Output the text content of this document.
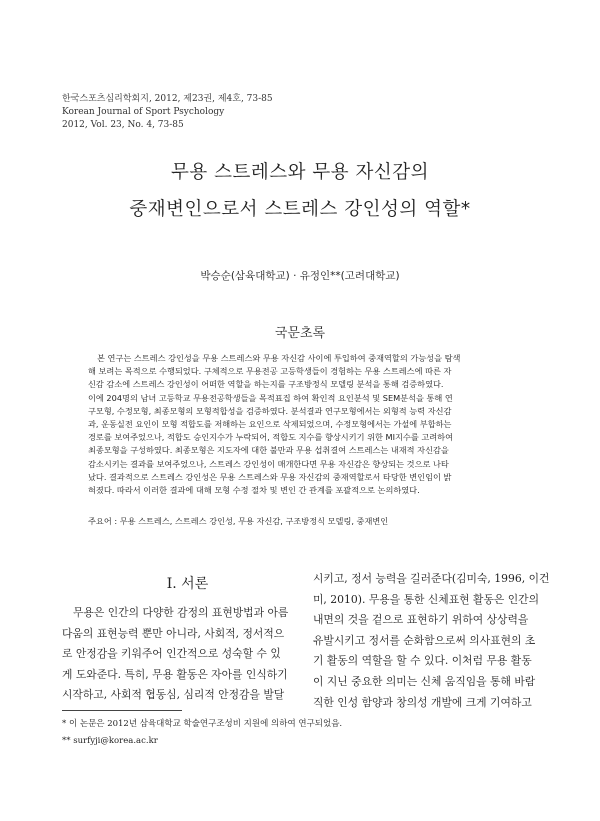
한국스포츠심리학회지, 2012, 제23권, 제4호, 73-85
Korean Journal of Sport Psychology
2012, Vol. 23, No. 4, 73-85
무용 스트레스와 무용 자신감의
중재변인으로서 스트레스 강인성의 역할*
박승순(삼육대학교) · 유정인**(고려대학교)
국문초록
본 연구는 스트레스 강인성을 무용 스트레스와 무용 자신감 사이에 투입하여 중재역할의 가능성을 탐색
해 보려는 목적으로 수행되었다. 구체적으로 무용전공 고등학생들이 경험하는 무용 스트레스에 따른 자
신감 감소에 스트레스 강인성이 어떠한 역할을 하는지를 구조방정식 모델링 분석을 통해 검증하였다.
이에 204명의 남녀 고등학교 무용전공학생들을 목적표집 하여 확인적 요인분석 및 SEM분석을 통해 연
구모형, 수정모형, 최종모형의 모형적합성을 검증하였다. 분석결과 연구모형에서는 외형적 능력 자신감
과, 운동실전 요인이 모형 적합도를 저해하는 요인으로 삭제되었으며, 수정모형에서는 가설에 부합하는
경로를 보여주었으나, 적합도 승인지수가 누락되어, 적합도 지수를 향상시키기 위한 MI지수를 고려하여
최종모형을 구성하였다. 최종모형은 지도자에 대한 불만과 무용 섭취결여 스트레스는 내재적 자신감을
감소시키는 결과를 보여주었으나, 스트레스 강인성이 매개한다면 무용 자신감은 향상되는 것으로 나타
났다. 결과적으로 스트레스 강인성은 무용 스트레스와 무용 자신감의 중재역할로서 타당한 변인임이 밝
혀졌다. 따라서 이러한 결과에 대해 모형 수정 절차 및 변인 간 관계를 포괄적으로 논의하였다.
주요어 : 무용 스트레스, 스트레스 강인성, 무용 자신감, 구조방정식 모델링, 중재변인
I. 서론
무용은 인간의 다양한 감정의 표현방법과 아름
다움의 표현능력 뿐만 아니라, 사회적, 정서적으
로 안정감을 키워주어 인간적으로 성숙할 수 있
게 도와준다. 특히, 무용 활동은 자아를 인식하기
시작하고, 사회적 협동심, 심리적 안정감을 발달
시키고, 정서 능력을 길러준다(김미숙, 1996, 이건
미, 2010). 무용을 통한 신체표현 활동은 인간의
내면의 것을 겉으로 표현하기 위하여 상상력을
유발시키고 정서를 순화함으로써 의사표현의 초
기 활동의 역할을 할 수 있다. 이처럼 무용 활동
이 지닌 중요한 의미는 신체 움직임을 통해 바람
직한 인성 함양과 창의성 개발에 크게 기여하고
* 이 논문은 2012년 삼육대학교 학술연구조성비 지원에 의하여 연구되었음.
** surfyji@korea.ac.kr
